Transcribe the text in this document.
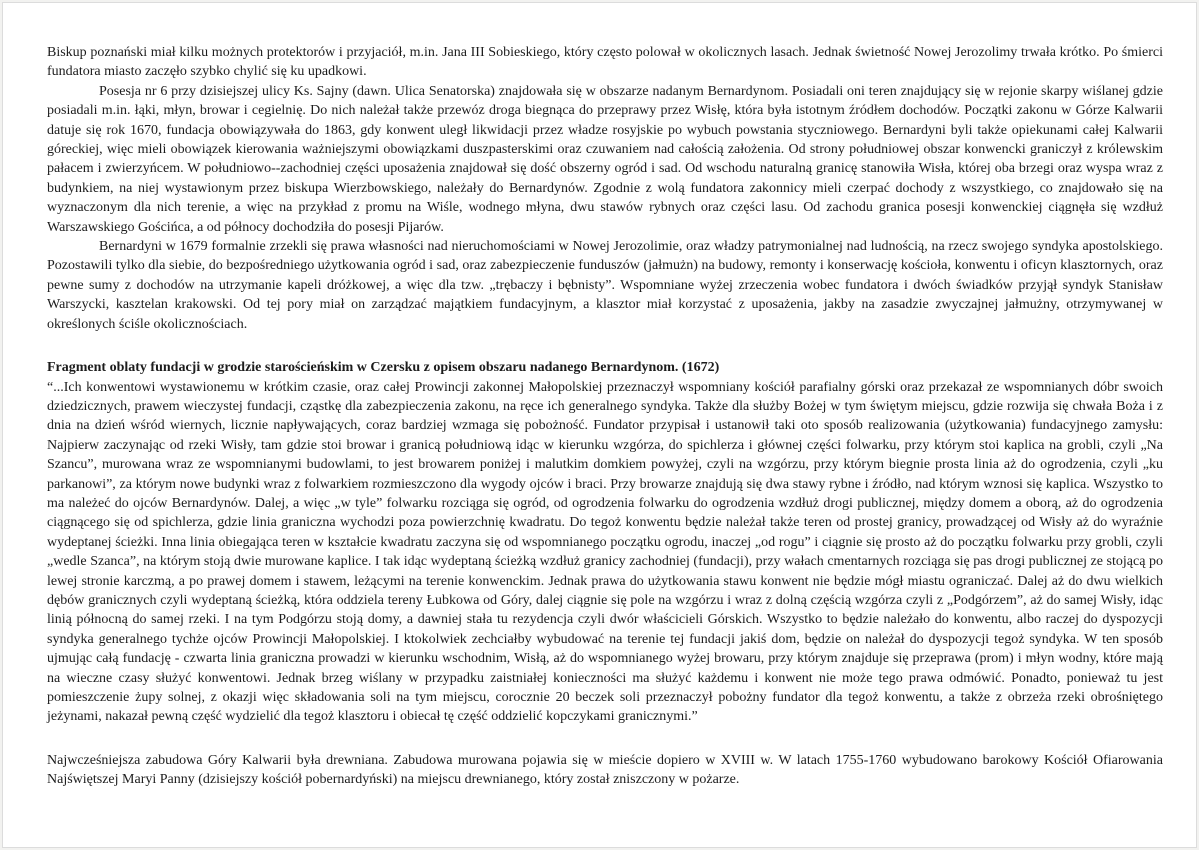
Biskup poznański miał kilku możnych protektorów i przyjaciół, m.in. Jana III Sobieskiego, który często polował w okolicznych lasach. Jednak świetność Nowej Jerozolimy trwała krótko. Po śmierci fundatora miasto zaczęło szybko chylić się ku upadkowi.

Posesja nr 6 przy dzisiejszej ulicy Ks. Sajny (dawn. Ulica Senatorska) znajdowała się w obszarze nadanym Bernardynom. Posiadali oni teren znajdujący się w rejonie skarpy wiślanej gdzie posiadali m.in. łąki, młyn, browar i cegielnię. Do nich należał także przewóz droga biegnąca do przeprawy przez Wisłę, która była istotnym źródłem dochodów. Początki zakonu w Górze Kalwarii datuje się rok 1670, fundacja obowiązywała do 1863, gdy konwent uległ likwidacji przez władze rosyjskie po wybuch powstania styczniowego. Bernardyni byli także opiekunami całej Kalwarii góreckiej, więc mieli obowiązek kierowania ważniejszymi obowiązkami duszpasterskimi oraz czuwaniem nad całością założenia. Od strony południowej obszar konwencki graniczył z królewskim pałacem i zwierzyńcem. W południowo--zachodniej części uposażenia znajdował się dość obszerny ogród i sad. Od wschodu naturalną granicę stanowiła Wisła, której oba brzegi oraz wyspa wraz z budynkiem, na niej wystawionym przez biskupa Wierzbowskiego, należały do Bernardynów. Zgodnie z wolą fundatora zakonnicy mieli czerpać dochody z wszystkiego, co znajdowało się na wyznaczonym dla nich terenie, a więc na przykład z promu na Wiśle, wodnego młyna, dwu stawów rybnych oraz części lasu. Od zachodu granica posesji konwenckiej ciągnęła się wzdłuż Warszawskiego Gościńca, a od północy dochodziła do posesji Pijarów.

Bernardyni w 1679 formalnie zrzekli się prawa własności nad nieruchomościami w Nowej Jerozolimie, oraz władzy patrymonialnej nad ludnością, na rzecz swojego syndyka apostolskiego. Pozostawili tylko dla siebie, do bezpośredniego użytkowania ogród i sad, oraz zabezpieczenie funduszów (jałmużn) na budowy, remonty i konserwację kościoła, konwentu i oficyn klasztornych, oraz pewne sumy z dochodów na utrzymanie kapeli dróżkowej, a więc dla tzw. „trębaczy i bębnisty”. Wspomniane wyżej zrzeczenia wobec fundatora i dwóch świadków przyjął syndyk Stanisław Warszycki, kasztelan krakowski. Od tej pory miał on zarządzać majątkiem fundacyjnym, a klasztor miał korzystać z uposażenia, jakby na zasadzie zwyczajnej jałmużny, otrzymywanej w określonych ściśle okolicznościach.

Fragment oblaty fundacji w grodzie starościeńskim w Czersku z opisem obszaru nadanego Bernardynom. (1672)

“...Ich konwentowi wystawionemu w krótkim czasie, oraz całej Prowincji zakonnej Małopolskiej przeznaczył wspomniany kościół parafialny górski oraz przekazał ze wspomnianych dóbr swoich dziedzicznych, prawem wieczystej fundacji, cząstkę dla zabezpieczenia zakonu, na ręce ich generalnego syndyka. Także dla służby Bożej w tym świętym miejscu, gdzie rozwija się chwała Boża i z dnia na dzień wśród wiernych, licznie napływających, coraz bardziej wzmaga się pobożność. Fundator przypisał i ustanowił taki oto sposób realizowania (użytkowania) fundacyjnego zamysłu: Najpierw zaczynając od rzeki Wisły, tam gdzie stoi browar i granicą południową idąc w kierunku wzgórza, do spichlerza i głównej części folwarku, przy którym stoi kaplica na grobli, czyli „Na Szancu”, murowana wraz ze wspomnianymi budowlami, to jest browarem poniżej i malutkim domkiem powyżej, czyli na wzgórzu, przy którym biegnie prosta linia aż do ogrodzenia, czyli „ku parkanowi”, za którym nowe budynki wraz z folwarkiem rozmieszczono dla wygody ojców i braci. Przy browarze znajdują się dwa stawy rybne i źródło, nad którym wznosi się kaplica. Wszystko to ma należeć do ojców Bernardynów. Dalej, a więc „w tyle” folwarku rozciąga się ogród, od ogrodzenia folwarku do ogrodzenia wzdłuż drogi publicznej, między domem a oborą, aż do ogrodzenia ciągnącego się od spichlerza, gdzie linia graniczna wychodzi poza powierzchnię kwadratu. Do tegoż konwentu będzie należał także teren od prostej granicy, prowadzącej od Wisły aż do wyraźnie wydeptanej ścieżki. Inna linia obiegająca teren w kształcie kwadratu zaczyna się od wspomnianego początku ogrodu, inaczej „od rogu” i ciągnie się prosto aż do początku folwarku przy grobli, czyli „wedle Szanca”, na którym stoją dwie murowane kaplice. I tak idąc wydeptaną ścieżką wzdłuż granicy zachodniej (fundacji), przy wałach cmentarnych rozciąga się pas drogi publicznej ze stojącą po lewej stronie karczmą, a po prawej domem i stawem, leżącymi na terenie konwenckim. Jednak prawa do użytkowania stawu konwent nie będzie mógł miastu ograniczać. Dalej aż do dwu wielkich dębów granicznych czyli wydeptaną ścieżką, która oddziela tereny Łubkowa od Góry, dalej ciągnie się pole na wzgórzu i wraz z dolną częścią wzgórza czyli z „Podgórzem”, aż do samej Wisły, idąc linią północną do samej rzeki. I na tym Podgórzu stoją domy, a dawniej stała tu rezydencja czyli dwór właścicieli Górskich. Wszystko to będzie należało do konwentu, albo raczej do dyspozycji syndyka generalnego tychże ojców Prowincji Małopolskiej. I ktokolwiek zechciałby wybudować na terenie tej fundacji jakiś dom, będzie on należał do dyspozycji tegoż syndyka. W ten sposób ujmując całą fundację - czwarta linia graniczna prowadzi w kierunku wschodnim, Wisłą, aż do wspomnianego wyżej browaru, przy którym znajduje się przeprawa (prom) i młyn wodny, które mają na wieczne czasy służyć konwentowi. Jednak brzeg wiślany w przypadku zaistniałej konieczności ma służyć każdemu i konwent nie może tego prawa odmówić. Ponadto, ponieważ tu jest pomieszczenie żupy solnej, z okazji więc składowania soli na tym miejscu, corocznie 20 beczek soli przeznaczył pobożny fundator dla tegoż konwentu, a także z obrzeża rzeki obrośniętego jeżynami, nakazał pewną część wydzielić dla tegoż klasztoru i obiecał tę część oddzielić kopczykami granicznymi.”

Najwcześniejsza zabudowa Góry Kalwarii była drewniana. Zabudowa murowana pojawia się w mieście dopiero w XVIII w. W latach 1755-1760 wybudowano barokowy Kościół Ofiarowania Najświętszej Maryi Panny (dzisiejszy kościół pobernardyński) na miejscu drewnianego, który został zniszczony w pożarze.
